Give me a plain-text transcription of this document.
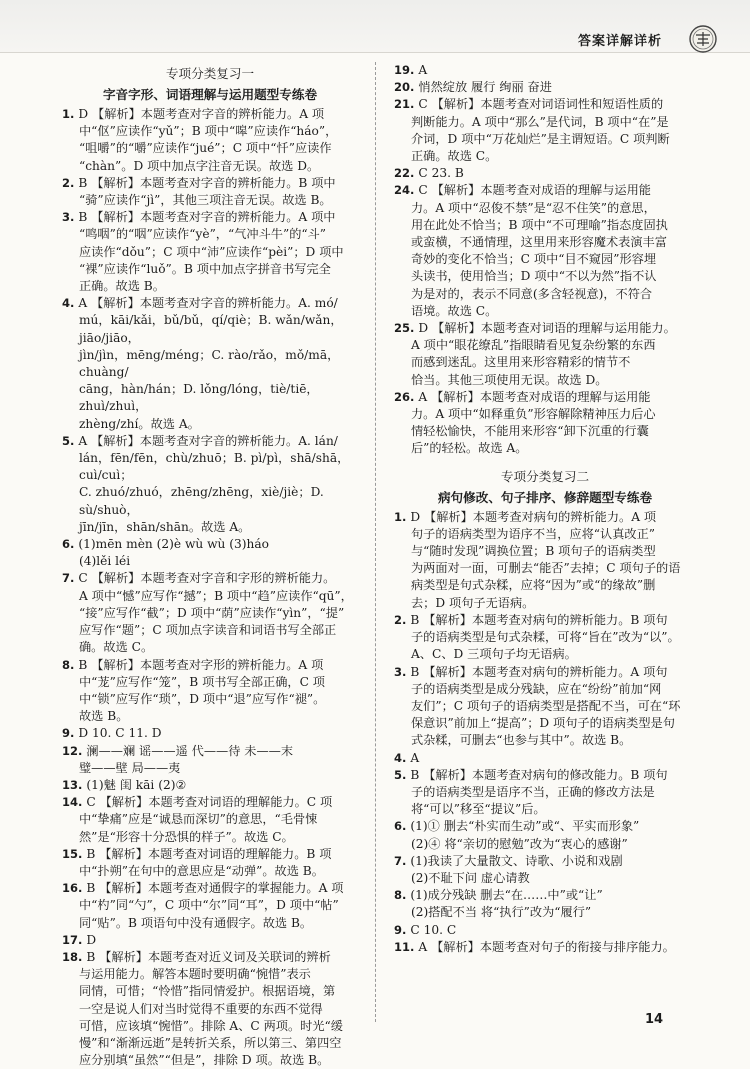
答案详解详析
专项分类复习一
字音字形、词语理解与运用题型专练卷
1. D 【解析】本题考查对字音的辨析能力。A 项
中“伛”应读作“yǔ”；B 项中“嗥”应读作“háo”，
“咀嚼”的“嚼”应读作“jué”；C 项中“忏”应读作
“chàn”。D 项中加点字注音无误。故选 D。
2. B 【解析】本题考查对字音的辨析能力。B 项中
“骑”应读作“jì”，其他三项注音无误。故选 B。
3. B 【解析】本题考查对字音的辨析能力。A 项中
“鸣咽”的“咽”应读作“yè”，“气冲斗牛”的“斗”
应读作“dǒu”；C 项中“沛”应读作“pèi”；D 项中
“裸”应读作“luǒ”。B 项中加点字拼音书写完全
正确。故选 B。
4. A 【解析】本题考查对字音的辨析能力。A. mó/
mú，kāi/kǎi，bǔ/bǔ，qí/qiè；B. wǎn/wǎn，jiāo/jiāo，
jìn/jìn，mēng/méng；C. rào/rǎo，mǒ/mā，chuàng/
cāng，hàn/hán；D. lǒng/lóng，tiè/tiē，zhuì/zhuì，
zhèng/zhí。故选 A。
5. A 【解析】本题考查对字音的辨析能力。A. lán/
lán，fēn/fēn，chù/zhuō；B. pì/pì，shā/shā，cuì/cuì；
C. zhuó/zhuó，zhēng/zhēng，xiè/jiè；D. sù/shuò，
jīn/jīn，shān/shān。故选 A。
6. (1)mēn mèn (2)è wù wù (3)háo
(4)lěi léi
7. C 【解析】本题考查对字音和字形的辨析能力。
A 项中“憾”应写作“撼”；B 项中“趋”应读作“qū”，
“接”应写作“截”；D 项中“荫”应读作“yìn”，“提”
应写作“题”；C 项加点字读音和词语书写全部正
确。故选 C。
8. B 【解析】本题考查对字形的辨析能力。A 项
中“茏”应写作“笼”，B 项书写全部正确，C 项
中“锁”应写作“琐”，D 项中“退”应写作“褪”。
故选 B。
9. D 10. C 11. D
12. 澜——斓 谣——遥 代——待 未——末
璧——壁 局——夷
13. (1)魅 闺 kāi (2)②
14. C 【解析】本题考查对词语的理解能力。C 项
中“挚痛”应是“诚恳而深切”的意思，“毛骨悚
然”是“形容十分恐惧的样子”。故选 C。
15. B 【解析】本题考查对词语的理解能力。B 项
中“扑朔”在句中的意思应是“动弹”。故选 B。
16. B 【解析】本题考查对通假字的掌握能力。A 项
中“杓”同“勺”，C 项中“尔”同“耳”，D 项中“帖”
同“贴”。B 项语句中没有通假字。故选 B。
17. D
18. B 【解析】本题考查对近义词及关联词的辨析
与运用能力。解答本题时要明确“惋惜”表示
同情，可惜；“怜惜”指同情爱护。根据语境，第
一空是说人们对当时觉得不重要的东西不觉得
可惜，应该填“惋惜”。排除 A、C 两项。时光“缓
慢”和“渐渐远逝”是转折关系，所以第三、第四空
应分别填“虽然”“但是”，排除 D 项。故选 B。
19. A
20. 悄然绽放 履行 绚丽 奋进
21. C 【解析】本题考查对词语词性和短语性质的
判断能力。A 项中“那么”是代词，B 项中“在”是
介词，D 项中“万花灿烂”是主谓短语。C 项判断
正确。故选 C。
22. C 23. B
24. C 【解析】本题考查对成语的理解与运用能
力。A 项中“忍俊不禁”是“忍不住笑”的意思，
用在此处不恰当；B 项中“不可理喻”指态度固执
或蛮横，不通情理，这里用来形容魔术表演丰富
奇妙的变化不恰当；C 项中“目不窥园”形容埋
头读书，使用恰当；D 项中“不以为然”指不认
为是对的，表示不同意(多含轻视意)，不符合
语境。故选 C。
25. D 【解析】本题考查对词语的理解与运用能力。
A 项中“眼花缭乱”指眼睛看见复杂纷繁的东西
而感到迷乱。这里用来形容精彩的情节不
恰当。其他三项使用无误。故选 D。
26. A 【解析】本题考查对成语的理解与运用能
力。A 项中“如释重负”形容解除精神压力后心
情轻松愉快，不能用来形容“卸下沉重的行囊
后”的轻松。故选 A。
专项分类复习二
病句修改、句子排序、修辞题型专练卷
1. D 【解析】本题考查对病句的辨析能力。A 项
句子的语病类型为语序不当，应将“认真改正”
与“随时发现”调换位置；B 项句子的语病类型
为两面对一面，可删去“能否”去掉；C 项句子的语
病类型是句式杂糅，应将“因为”或“的缘故”删
去；D 项句子无语病。
2. B 【解析】本题考查对病句的辨析能力。B 项句
子的语病类型是句式杂糅，可将“旨在”改为“以”。
A、C、D 三项句子均无语病。
3. B 【解析】本题考查对病句的辨析能力。A 项句
子的语病类型是成分残缺，应在“纷纷”前加“网
友们”；C 项句子的语病类型是搭配不当，可在“环
保意识”前加上“提高”；D 项句子的语病类型是句
式杂糅，可删去“也参与其中”。故选 B。
4. A
5. B 【解析】本题考查对病句的修改能力。B 项句
子的语病类型是语序不当，正确的修改方法是
将“可以”移至“提议”后。
6. (1)① 删去“朴实而生动”或“、平实而形象”
(2)④ 将“亲切的慰勉”改为“衷心的感谢”
7. (1)我读了大量散文、诗歌、小说和戏剧
(2)不耻下问 虚心请教
8. (1)成分残缺 删去“在……中”或“让”
(2)搭配不当 将“执行”改为“履行”
9. C 10. C
11. A 【解析】本题考查对句子的衔接与排序能力。
14
